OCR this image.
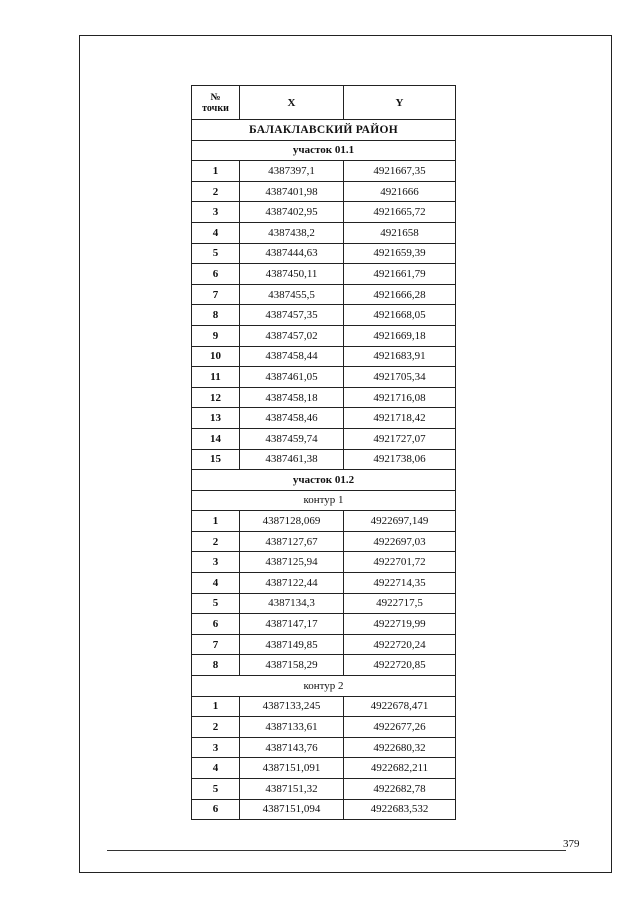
№
точки	X	Y
БАЛАКЛАВСКИЙ РАЙОН		
участок 01.1		
1	4387397,1	4921667,35
2	4387401,98	4921666
3	4387402,95	4921665,72
4	4387438,2	4921658
5	4387444,63	4921659,39
6	4387450,11	4921661,79
7	4387455,5	4921666,28
8	4387457,35	4921668,05
9	4387457,02	4921669,18
10	4387458,44	4921683,91
11	4387461,05	4921705,34
12	4387458,18	4921716,08
13	4387458,46	4921718,42
14	4387459,74	4921727,07
15	4387461,38	4921738,06
участок 01.2		
контур 1		
1	4387128,069	4922697,149
2	4387127,67	4922697,03
3	4387125,94	4922701,72
4	4387122,44	4922714,35
5	4387134,3	4922717,5
6	4387147,17	4922719,99
7	4387149,85	4922720,24
8	4387158,29	4922720,85
контур 2		
1	4387133,245	4922678,471
2	4387133,61	4922677,26
3	4387143,76	4922680,32
4	4387151,091	4922682,211
5	4387151,32	4922682,78
6	4387151,094	4922683,532
379
